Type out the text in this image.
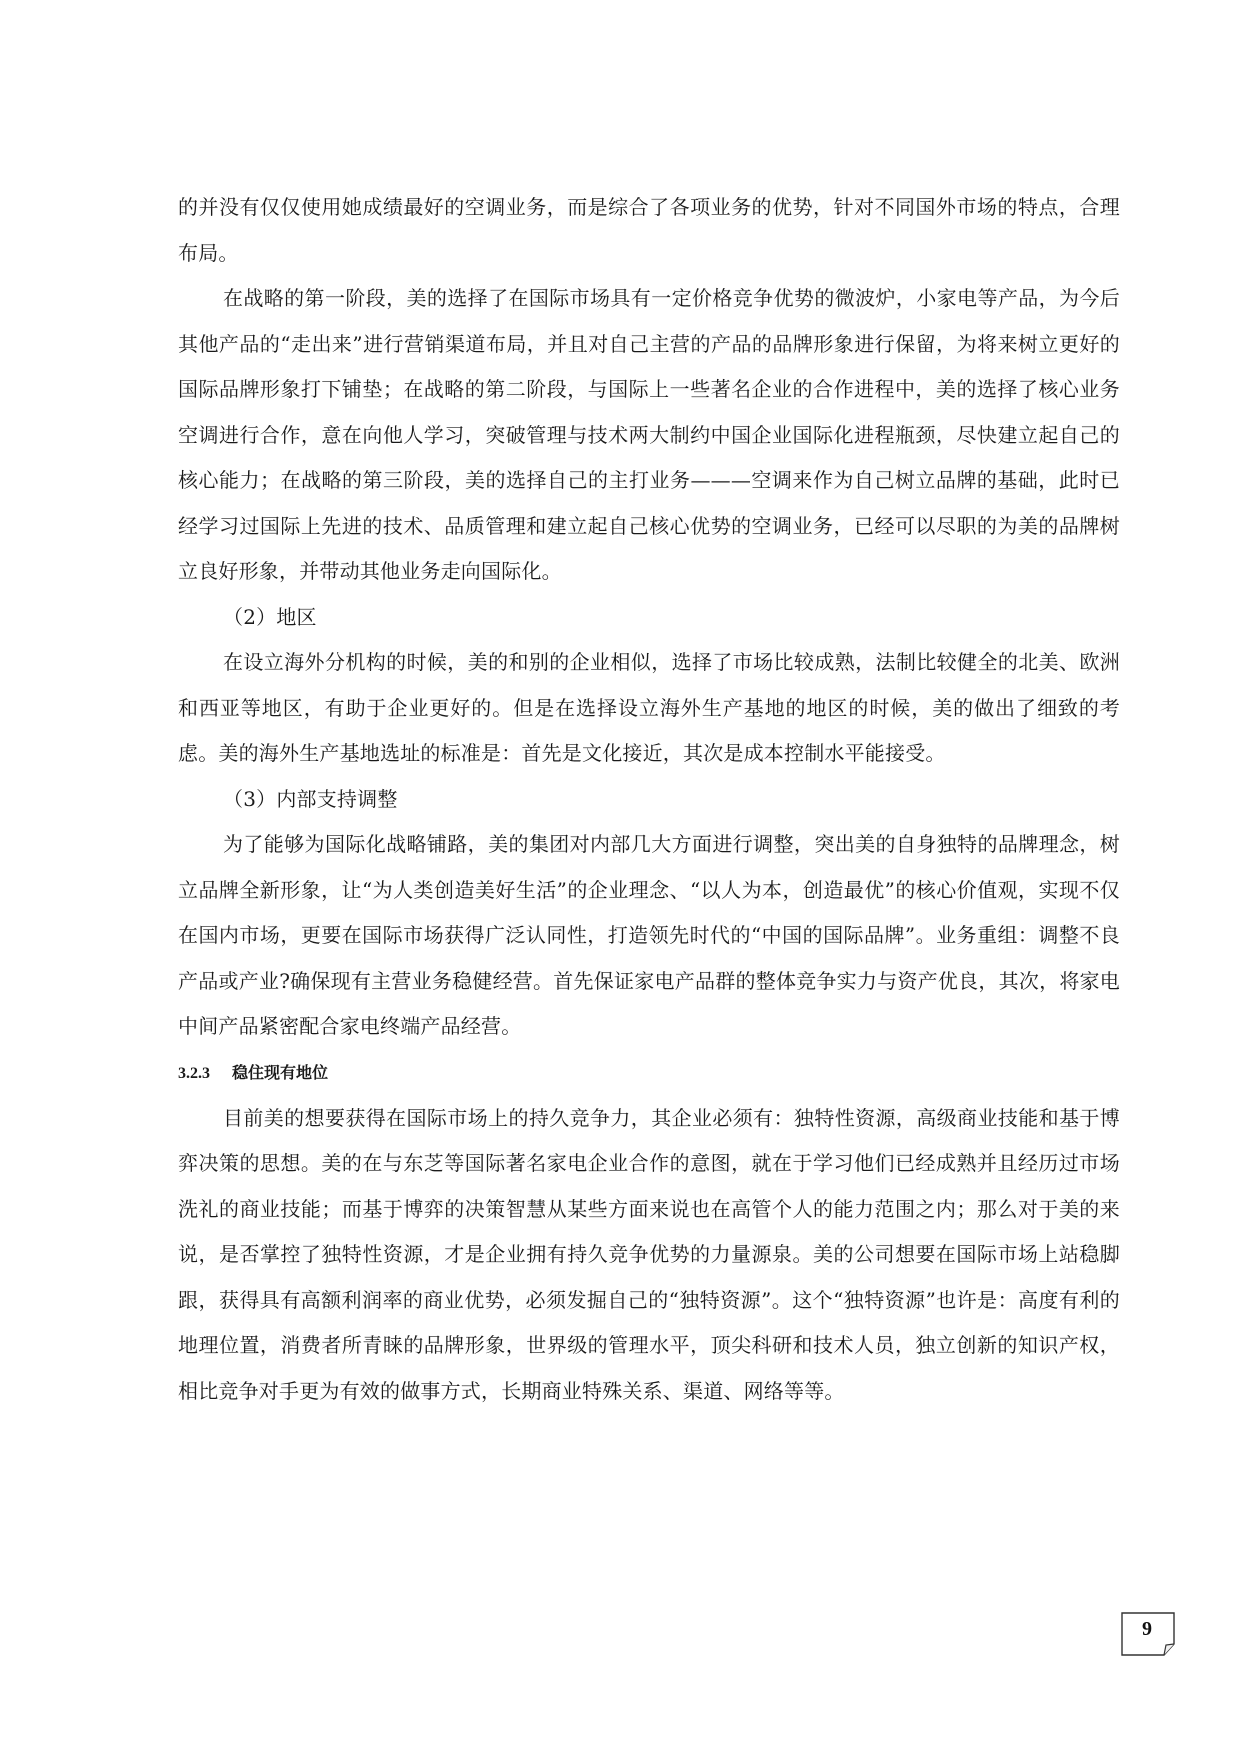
的并没有仅仅使用她成绩最好的空调业务，而是综合了各项业务的优势，针对不同国外市场的特点，合理布局。

在战略的第一阶段，美的选择了在国际市场具有一定价格竞争优势的微波炉，小家电等产品，为今后其他产品的“走出来”进行营销渠道布局，并且对自己主营的产品的品牌形象进行保留，为将来树立更好的国际品牌形象打下铺垫；在战略的第二阶段，与国际上一些著名企业的合作进程中，美的选择了核心业务空调进行合作，意在向他人学习，突破管理与技术两大制约中国企业国际化进程瓶颈，尽快建立起自己的核心能力；在战略的第三阶段，美的选择自己的主打业务———空调来作为自己树立品牌的基础，此时已经学习过国际上先进的技术、品质管理和建立起自己核心优势的空调业务，已经可以尽职的为美的品牌树立良好形象，并带动其他业务走向国际化。

（2）地区

在设立海外分机构的时候，美的和别的企业相似，选择了市场比较成熟，法制比较健全的北美、欧洲和西亚等地区，有助于企业更好的。但是在选择设立海外生产基地的地区的时候，美的做出了细致的考虑。美的海外生产基地选址的标准是：首先是文化接近，其次是成本控制水平能接受。

（3）内部支持调整

为了能够为国际化战略铺路，美的集团对内部几大方面进行调整，突出美的自身独特的品牌理念，树立品牌全新形象，让“为人类创造美好生活”的企业理念、“以人为本，创造最优”的核心价值观，实现不仅在国内市场，更要在国际市场获得广泛认同性，打造领先时代的“中国的国际品牌”。业务重组：调整不良产品或产业?确保现有主营业务稳健经营。首先保证家电产品群的整体竞争实力与资产优良，其次，将家电中间产品紧密配合家电终端产品经营。

3.2.3 稳住现有地位

目前美的想要获得在国际市场上的持久竞争力，其企业必须有：独特性资源，高级商业技能和基于博弈决策的思想。美的在与东芝等国际著名家电企业合作的意图，就在于学习他们已经成熟并且经历过市场洗礼的商业技能；而基于博弈的决策智慧从某些方面来说也在高管个人的能力范围之内；那么对于美的来说，是否掌控了独特性资源，才是企业拥有持久竞争优势的力量源泉。美的公司想要在国际市场上站稳脚跟，获得具有高额利润率的商业优势，必须发掘自己的“独特资源”。这个“独特资源”也许是：高度有利的地理位置，消费者所青睐的品牌形象，世界级的管理水平，顶尖科研和技术人员，独立创新的知识产权，相比竞争对手更为有效的做事方式，长期商业特殊关系、渠道、网络等等。

9
